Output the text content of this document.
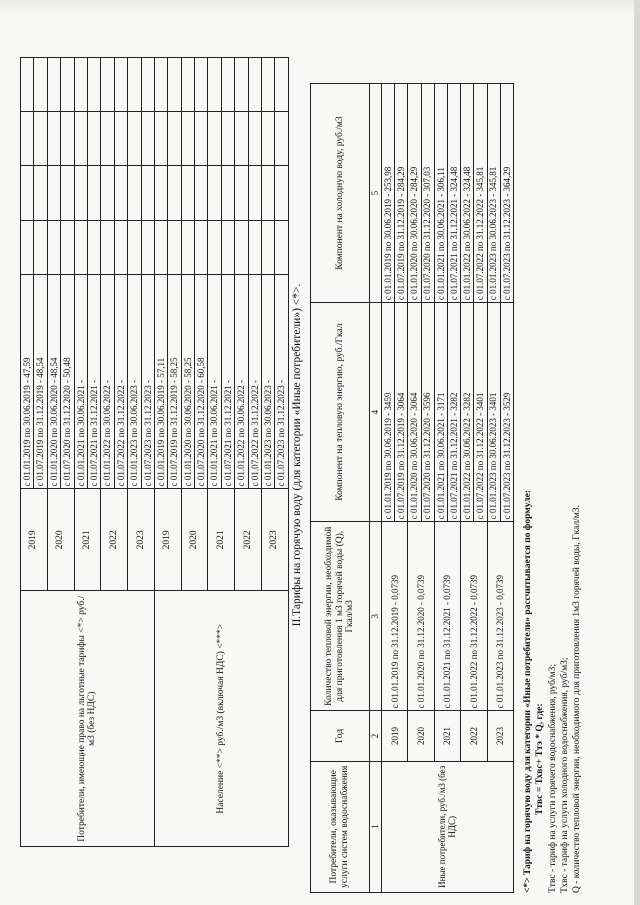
Потребители, имеющие право на льготные тарифы <*> руб./м3 (без НДС)	2019	с 01.01.2019 по 30.06.2019 - 47,59				
		с 01.07.2019 по 31.12.2019 - 48,54				
	2020	с 01.01.2020 по 30.06.2020 - 48,54				
		с 01.07.2020 по 31.12.2020 - 50,48				
	2021	с 01.01.2021 по 30.06.2021 -				
		с 01.07.2021 по 31.12.2021 -				
	2022	с 01.01.2022 по 30.06.2022 -				
		с 01.07.2022 по 31.12.2022 -				
	2023	с 01.01.2023 по 30.06.2023 -				
		с 01.07.2023 по 31.12.2023 -				
Население <**> руб./м3 (включая НДС) <***>	2019	с 01.01.2019 по 30.06.2019 - 57,11				
		с 01.07.2019 по 31.12.2019 - 58,25				
	2020	с 01.01.2020 по 30.06.2020 - 58,25				
		с 01.07.2020 по 31.12.2020 - 60,58				
	2021	с 01.01.2021 по 30.06.2021 -				
		с 01.07.2021 по 31.12.2021 -				
	2022	с 01.01.2022 по 30.06.2022 -				
		с 01.07.2022 по 31.12.2022 -				
	2023	с 01.01.2023 по 30.06.2023 -				
		с 01.07.2023 по 31.12.2023 -				II.Тарифы на горячую воду (для категории «Иные потребители») <*>.
Потребители, оказывающие услуги систем водоснабжения	Год	Количество тепловой энергии, необходимой для приготовления 1 м3 горячей воды (Q), Гкал/м3	Компонент на тепловую энергию, руб./Гкал	Компонент на холодную воду, руб./м3
1	2	3	4	5
Иные потребители, руб./м3 (без НДС)	2019	с 01.01.2019 по 31.12.2019 - 0,0739	с 01.01.2019 по 30.06.2019 - 3459	с 01.01.2019 по 30.06.2019 - 253,98
			с 01.07.2019 по 31.12.2019 - 3064	с 01.07.2019 по 31.12.2019 - 284,29
	2020	с 01.01.2020 по 31.12.2020 - 0,0739	с 01.01.2020 по 30.06.2020 - 3064	с 01.01.2020 по 30.06.2020 - 284,29
			с 01.07.2020 по 31.12.2020 - 3596	с 01.07.2020 по 31.12.2020 - 307,03
	2021	с 01.01.2021 по 31.12.2021 - 0,0739	с 01.01.2021 по 30.06.2021 - 3171	с 01.01.2021 по 30.06.2021 - 306,11
			с 01.07.2021 по 31.12.2021 - 3282	с 01.07.2021 по 31.12.2021 - 324,48
	2022	с 01.01.2022 по 31.12.2022 - 0,0739	с 01.01.2022 по 30.06.2022 - 3282	с 01.01.2022 по 30.06.2022 - 324,48
			с 01.07.2022 по 31.12.2022 - 3401	с 01.07.2022 по 31.12.2022 - 345,81
	2023	с 01.01.2023 по 31.12.2023 - 0,0739	с 01.01.2023 по 30.06.2023 - 3401	с 01.01.2023 по 30.06.2023 - 345,81
			с 01.07.2023 по 31.12.2023 - 3529	с 01.07.2023 по 31.12.2023 - 364,29
<*> Тариф на горячую воду для категории «Иные потребители» рассчитывается по формуле: Ттвс = Тхвс+ Ттэ * Q, где: Ттвс - тариф на услуги горячего водоснабжения, руб/м3; Тхвс - тариф на услуги холодного водоснабжения, руб/м3; Q - количество тепловой энергии, необходимого для приготовления 1м3 горячей воды, Гкал/м3.
